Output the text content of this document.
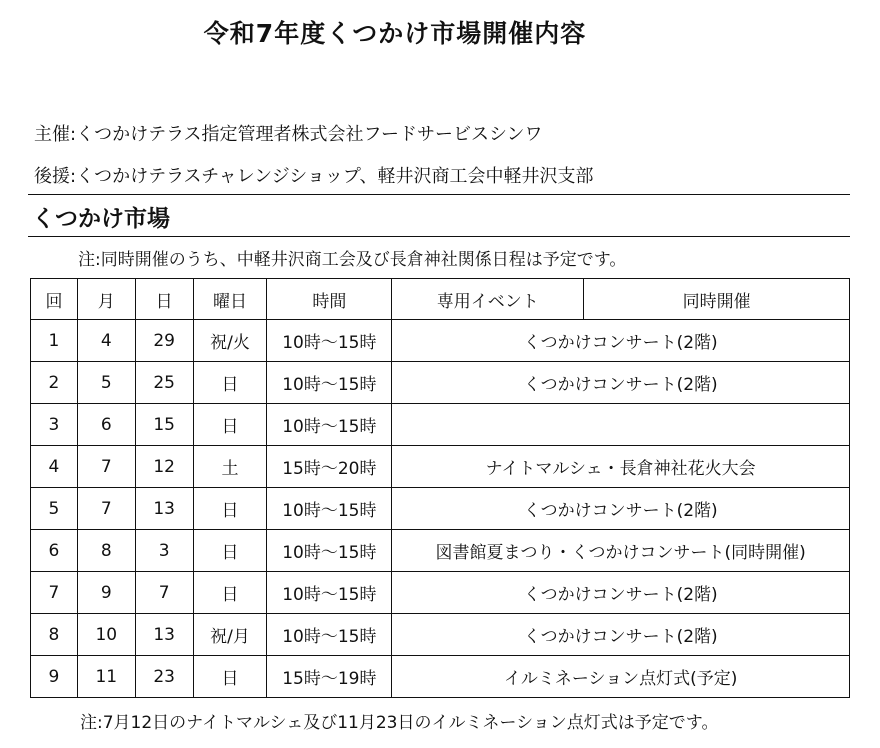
令和7年度くつかけ市場開催内容
主催:くつかけテラス指定管理者株式会社フードサービスシンワ
後援:くつかけテラスチャレンジショップ、軽井沢商工会中軽井沢支部
くつかけ市場
注:同時開催のうち、中軽井沢商工会及び長倉神社関係日程は予定です。
回	月	日	曜日	時間	専用イベント	同時開催
1	4	29	祝/火	10時～15時	くつかけコンサート(2階)	
2	5	25	日	10時～15時	くつかけコンサート(2階)	
3	6	15	日	10時～15時		
4	7	12	土	15時～20時	ナイトマルシェ・長倉神社花火大会	
5	7	13	日	10時～15時	くつかけコンサート(2階)	
6	8	3	日	10時～15時	図書館夏まつり・くつかけコンサート(同時開催)	
7	9	7	日	10時～15時	くつかけコンサート(2階)	
8	10	13	祝/月	10時～15時	くつかけコンサート(2階)	
9	11	23	日	15時～19時	イルミネーション点灯式(予定)	
注:7月12日のナイトマルシェ及び11月23日のイルミネーション点灯式は予定です。
